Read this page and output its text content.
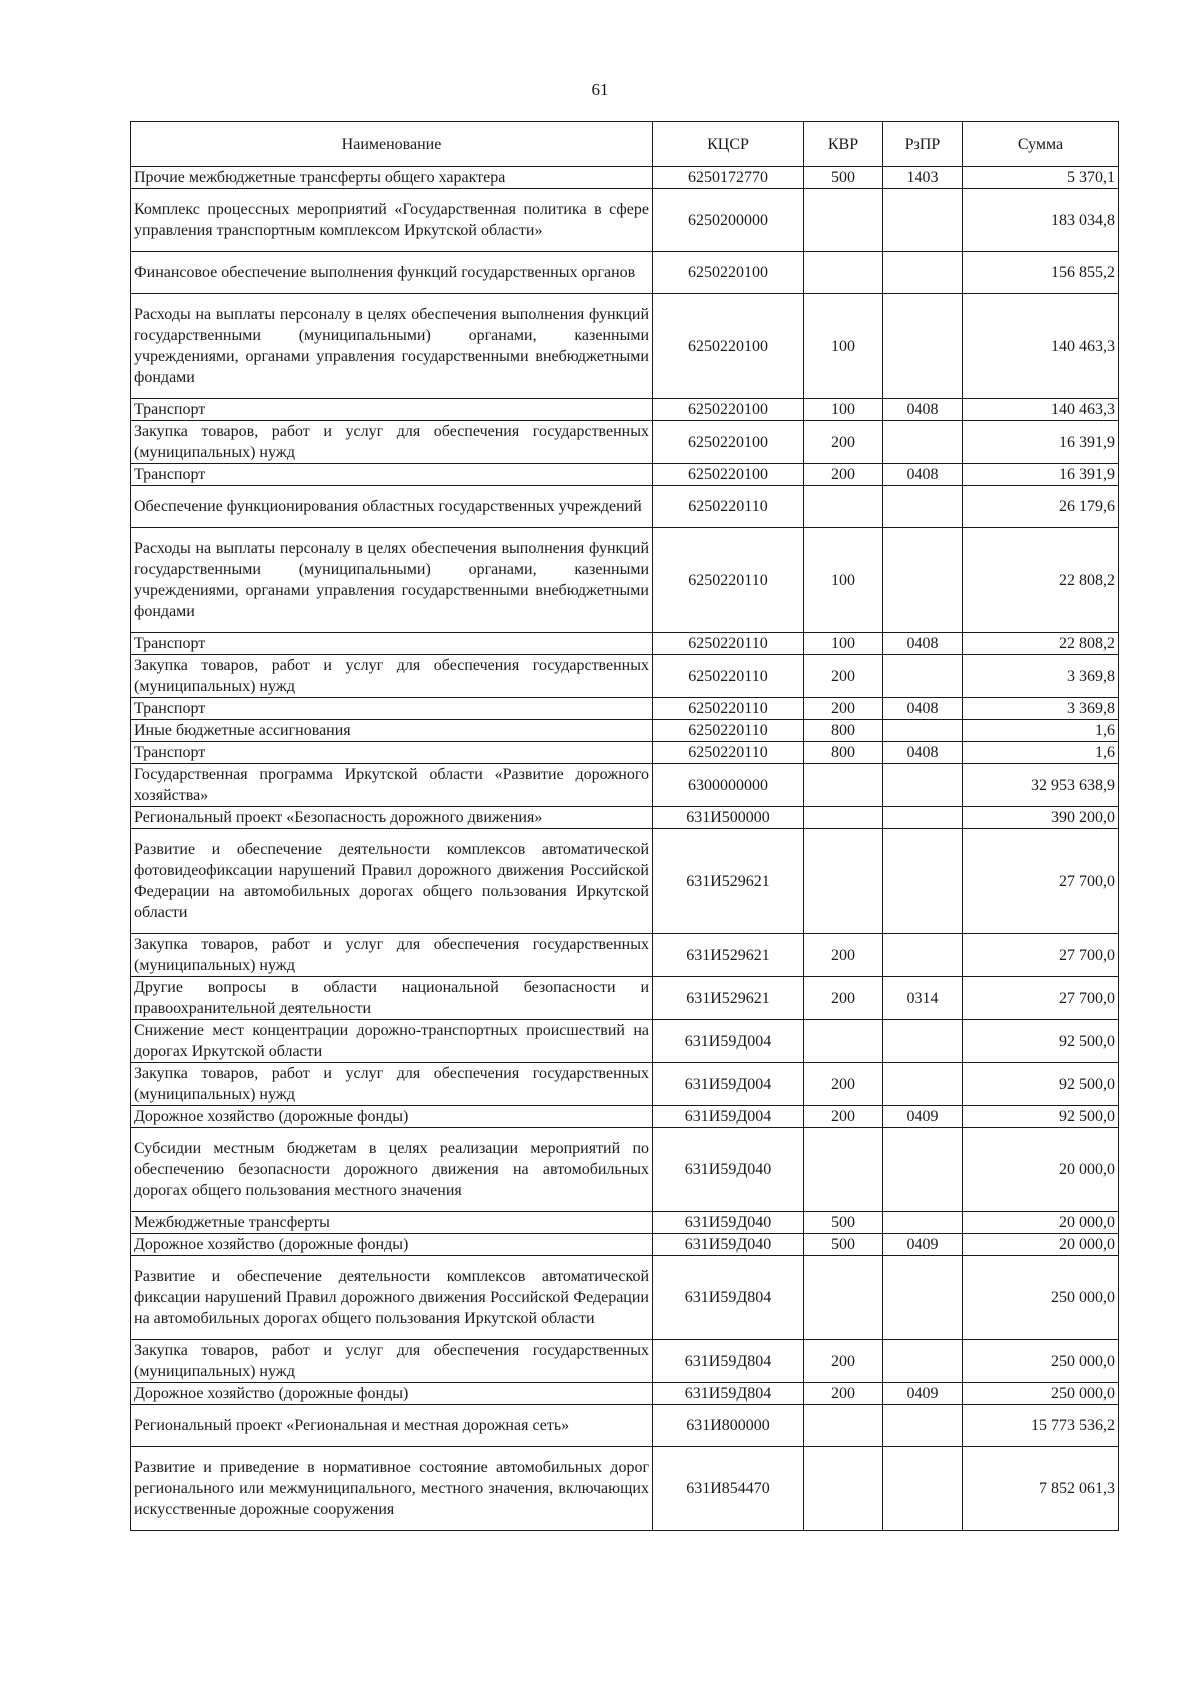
61
Наименование	КЦСР	КВР	РзПР	Сумма
Прочие межбюджетные трансферты общего характера	6250172770	500	1403	5 370,1
Комплекс процессных мероприятий «Государственная политика в сфере управления транспортным комплексом Иркутской области»	6250200000			183 034,8
Финансовое обеспечение выполнения функций государственных органов	6250220100			156 855,2
Расходы на выплаты персоналу в целях обеспечения выполнения функций государственными (муниципальными) органами, казенными учреждениями, органами управления государственными внебюджетными фондами	6250220100	100		140 463,3
Транспорт	6250220100	100	0408	140 463,3
Закупка товаров, работ и услуг для обеспечения государственных (муниципальных) нужд	6250220100	200		16 391,9
Транспорт	6250220100	200	0408	16 391,9
Обеспечение функционирования областных государственных учреждений	6250220110			26 179,6
Расходы на выплаты персоналу в целях обеспечения выполнения функций государственными (муниципальными) органами, казенными учреждениями, органами управления государственными внебюджетными фондами	6250220110	100		22 808,2
Транспорт	6250220110	100	0408	22 808,2
Закупка товаров, работ и услуг для обеспечения государственных (муниципальных) нужд	6250220110	200		3 369,8
Транспорт	6250220110	200	0408	3 369,8
Иные бюджетные ассигнования	6250220110	800		1,6
Транспорт	6250220110	800	0408	1,6
Государственная программа Иркутской области «Развитие дорожного хозяйства»	6300000000			32 953 638,9
Региональный проект «Безопасность дорожного движения»	631И500000			390 200,0
Развитие и обеспечение деятельности комплексов автоматической фотовидеофиксации нарушений Правил дорожного движения Российской Федерации на автомобильных дорогах общего пользования Иркутской области	631И529621			27 700,0
Закупка товаров, работ и услуг для обеспечения государственных (муниципальных) нужд	631И529621	200		27 700,0
Другие вопросы в области национальной безопасности и правоохранительной деятельности	631И529621	200	0314	27 700,0
Снижение мест концентрации дорожно-транспортных происшествий на дорогах Иркутской области	631И59Д004			92 500,0
Закупка товаров, работ и услуг для обеспечения государственных (муниципальных) нужд	631И59Д004	200		92 500,0
Дорожное хозяйство (дорожные фонды)	631И59Д004	200	0409	92 500,0
Субсидии местным бюджетам в целях реализации мероприятий по обеспечению безопасности дорожного движения на автомобильных дорогах общего пользования местного значения	631И59Д040			20 000,0
Межбюджетные трансферты	631И59Д040	500		20 000,0
Дорожное хозяйство (дорожные фонды)	631И59Д040	500	0409	20 000,0
Развитие и обеспечение деятельности комплексов автоматической фиксации нарушений Правил дорожного движения Российской Федерации на автомобильных дорогах общего пользования Иркутской области	631И59Д804			250 000,0
Закупка товаров, работ и услуг для обеспечения государственных (муниципальных) нужд	631И59Д804	200		250 000,0
Дорожное хозяйство (дорожные фонды)	631И59Д804	200	0409	250 000,0
Региональный проект «Региональная и местная дорожная сеть»	631И800000			15 773 536,2
Развитие и приведение в нормативное состояние автомобильных дорог регионального или межмуниципального, местного значения, включающих искусственные дорожные сооружения	631И854470			7 852 061,3
